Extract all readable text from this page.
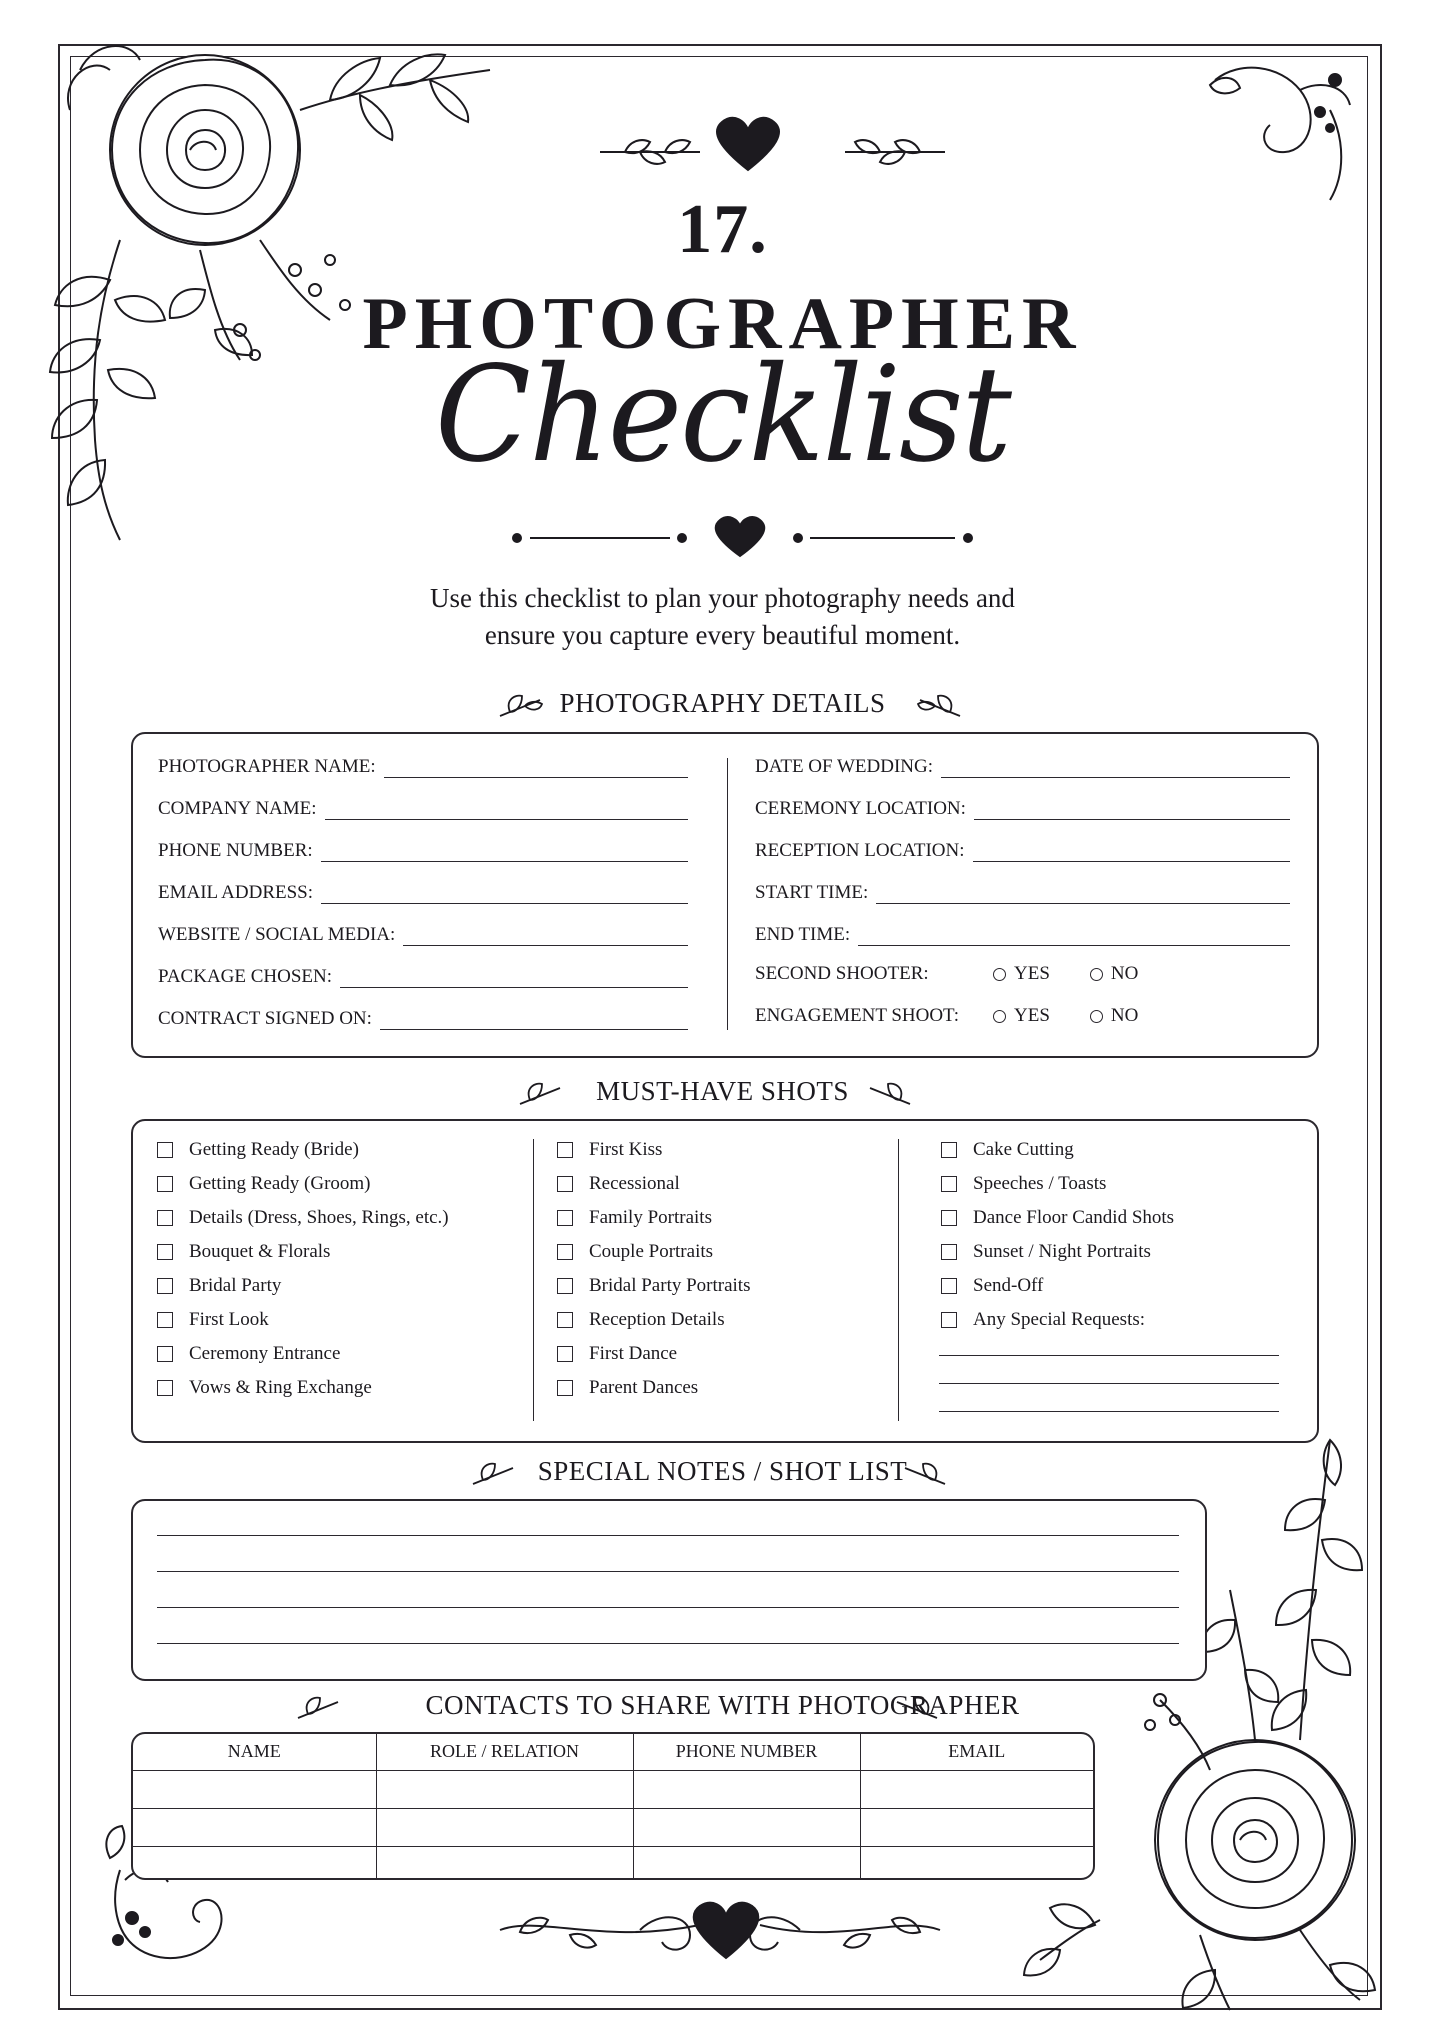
17.
PHOTOGRAPHER
Checklist
Use this checklist to plan your photography needs and
ensure you capture every beautiful moment.
PHOTOGRAPHY DETAILS
PHOTOGRAPHER NAME:
COMPANY NAME:
PHONE NUMBER:
EMAIL ADDRESS:
WEBSITE / SOCIAL MEDIA:
PACKAGE CHOSEN:
CONTRACT SIGNED ON:
DATE OF WEDDING:
CEREMONY LOCATION:
RECEPTION LOCATION:
START TIME:
END TIME:
SECOND SHOOTER:	YES	NO
ENGAGEMENT SHOOT:	YES	NO
MUST-HAVE SHOTS
Getting Ready (Bride)
Getting Ready (Groom)
Details (Dress, Shoes, Rings, etc.)
Bouquet & Florals
Bridal Party
First Look
Ceremony Entrance
Vows & Ring Exchange
First Kiss
Recessional
Family Portraits
Couple Portraits
Bridal Party Portraits
Reception Details
First Dance
Parent Dances
Cake Cutting
Speeches / Toasts
Dance Floor Candid Shots
Sunset / Night Portraits
Send-Off
Any Special Requests:
SPECIAL NOTES / SHOT LIST
CONTACTS TO SHARE WITH PHOTOGRAPHER
NAME	ROLE / RELATION	PHONE NUMBER	EMAIL
